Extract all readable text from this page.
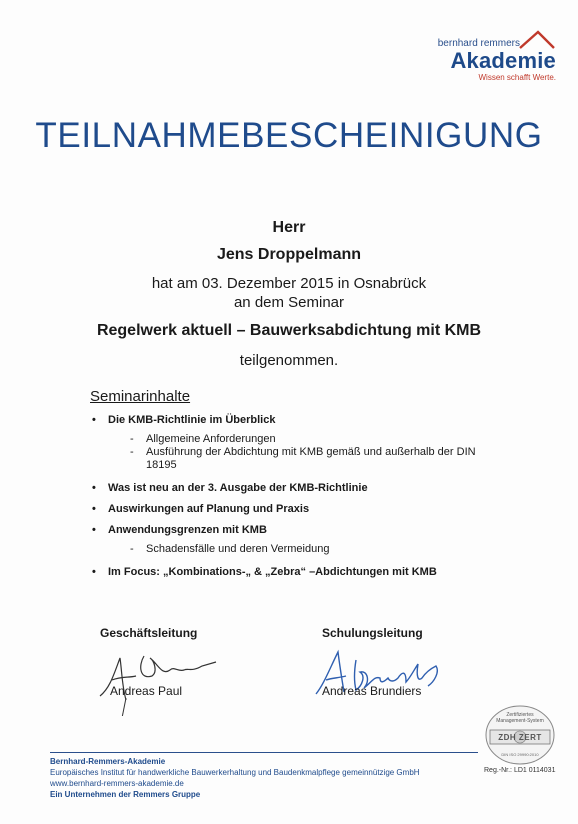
bernhard remmers
Akademie
Wissen schafft Werte.
TEILNAHMEBESCHEINIGUNG
Herr
Jens Droppelmann
hat am 03. Dezember 2015 in Osnabrück
an dem Seminar
Regelwerk aktuell – Bauwerksabdichtung mit KMB
teilgenommen.
Seminarinhalte
• Die KMB-Richtlinie im Überblick
- Allgemeine Anforderungen
- Ausführung der Abdichtung mit KMB gemäß und außerhalb der DIN 18195
• Was ist neu an der 3. Ausgabe der KMB-Richtlinie
• Auswirkungen auf Planung und Praxis
• Anwendungsgrenzen mit KMB
- Schadensfälle und deren Vermeidung
• Im Focus: „Kombinations-„ & „Zebra“ –Abdichtungen mit KMB
Geschäftsleitung
Andreas Paul
Schulungsleitung
Andreas Brundiers
Zertifiziertes
Management-System
ZDH ZERT
DIN ISO 29990:2010
Reg.-Nr.: LD1 0114031
Bernhard-Remmers-Akademie
Europäisches Institut für handwerkliche Bauwerkerhaltung und Baudenkmalpflege gemeinnützige GmbH
www.bernhard-remmers-akademie.de
Ein Unternehmen der Remmers Gruppe
